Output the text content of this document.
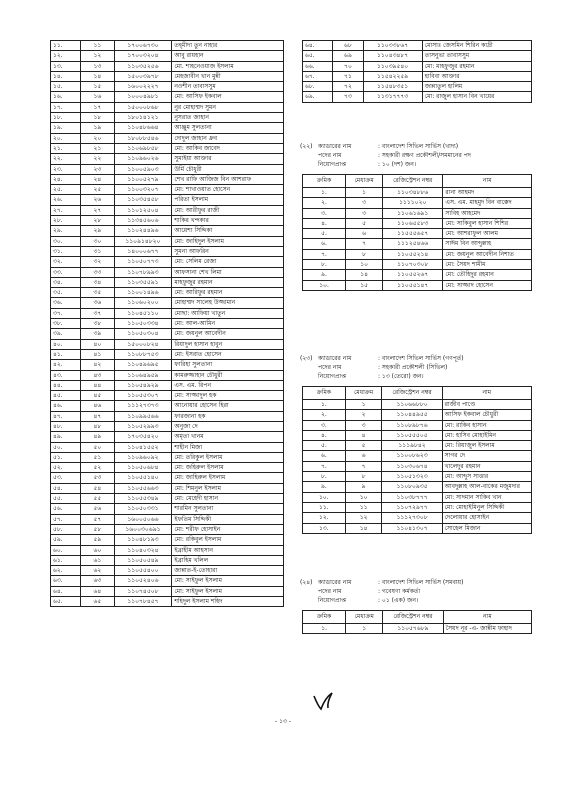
১১.	১১	১৭০০৬৭৩০	তহ্‌মীদা তুন নাহার
১২.	১২	১৭০০৩২০৪	আবু রায়হান
১৩.	১৩	১১০৩৫২৫৬	মো. শাহনেওয়াজ ইসলাম
১৪.	১৪	১৫০০৩৯৭৮	মেহজাবীন খান মুন্নী
১৫.	১৫	১৬০০২২২৭	নওশীন তাবাসসুম
১৬.	১৬	১০০০৪৯৮১	মো: আসিফ ইকবাল
১৭.	১৭	১৫০০০৮৬৮	নুর মোহাম্মদ সুমন
১৮.	১৮	১৮০১৪১২১	নুসরাত জাহান
১৯.	১৯	১১০৪৮৬৬৪	আঞ্জুম সুলতানা
২০.	২০	১৮০৮৮৫৪৬	দোদুল জাহান ধ্রুব
২১.	২১	১১০৬৯৮৫৮	মো: আকিব জাবেদ
২২.	২২	১১০৯৬০২৬	সুমাইয়া আক্তার
২৩.	২৩	১১০০৫৯০৩	উর্মি চৌধুরী
২৪.	২৪	১১০০৫২৭৯	শেখ রাফি আজিজ বিন আশরাফ
২৫.	২৫	১১০০৩২০৭	মো: শাখাওয়াত হোসেন
২৬.	২৬	১১০৩৫৪৫৮	পরিতা ইসলাম
২৭.	২৭	১১০১২৫০৪	মো: আরীফুর রাজী
২৮.	২৮	১১৩৪৫৬০৬	শাকির খন্দকার
২৯.	২৯	১১০২৪৪৯৬	আয়েশা সিদ্দিকা
৩০.	৩০	১১০৯১৪৮২০	মো: জাহিদুল ইসলাম
৩১.	৩১	১৪০০০৬৭৭	সুমনা আফরিন
৩২.	৩২	১১০৫০৭৭৩	মো: সেলিম রেজা
৩৩.	৩৩	১১০৭৮৯৯৩	আফসানা শেখ লিমা
৩৪.	৩৪	১১০৩৫৫৯১	মাহফুজুর রহমান
৩৫.	৩৫	১১০০১৪৯৬	মো: আরিফুর রহমান
৩৬.	৩৬	১১০৬০২০০	মোহাম্মদ সালেহ উজ্জামান
৩৭.	৩৭	১১০৪৫১১০	মোছা: আফিয়া খাতুন
৩৮.	৩৮	১১০৫০৩৩৪	মো: আল-আমিন
৩৯.	৩৯	১১০৫০৩০৪	মো: জয়নুল আবেদীন
৪০.	৪০	১৫০০০৮২৪	রিয়াদুল হাসান হাবুন
৪১.	৪১	১১০৮৮৭৫৩	মো: ইসরাত হোসেন
৪২.	৪২	১১০৪৯৬৯৫	ফারিহা সুলতানা
৪৩.	৪৩	১১০৬৪৯৫৯	কামরুজ্জাহান চৌধুরী
৪৪.	৪৪	১১০৫৪৯২৯	এস. এম. রিপন
৪৫.	৪৫	১১০৫৫৩০৭	মো: সাজ্জাদুল হক
৪৬.	৪৬	১১১২৭৩৭৩	আনোয়ার হোসেন হিরা
৪৭.	৪৭	১১০৯৯৫৬৬	ফারজানা হক
৪৮.	৪৮	১১০৫২৯৯৩	অনুজা দে
৪৯.	৪৯	১৭০৩৫৪২০	অমৃতা খানম
৫০.	৫০	১১০৪১৫৫২	শাহীন মিজা
৫১.	৫১	১১০৯৬০৯২	মো: তরিকুল ইসলাম
৫২.	৫২	১১০৫০৬৮৪	মো: জহিরুল ইসলাম
৫৩.	৫৩	১১০৫৫১৪০	মো: জাহিরুল ইসলাম
৫৪.	৫৪	১১০৫৫৬৬৩	মো: শিমনুল ইসলাম
৫৫.	৫৫	১১০৫৫৩৪৯	মো: মেহেদী হাসান
৫৬.	৫৬	১১০৫০৩৩১	শারমিন সুলতানা
৫৭.	৫৭	১৬০০৫০৬৬	ইফতিম সিদ্দিকী
৫৮.	৫৮	১৬০০৩০৬৯১	মো: শরীফ হোসাইন
৫৯.	৫৯	১১০৪৮১৯৩	মো: রকিবুল ইসলাম
৬০.	৬০	১১০৪০৩২৪	ইব্রাহীম আহসান
৬১.	৬১	১১০৫০৫৪৯	ইব্রাহিম খলিল
৬২.	৬২	১১০৫৫৪০০	জান্নাত-ই-তোহারা
৬৩.	৬৩	১১০৫২৪০৬	মো: সাইফুল ইসলাম
৬৪.	৬৪	১১০৭৪৫০৮	মো: সাইফুল ইসলাম
৬৫.	৬৫	১১০৭৮৪৫৭	শহিদুল ইসলাম শহিদ
৬৪.	৬৮	১১০৩৩৮৬৭	মোসাঃ জেসমিন শিরিন কাদ্রী
৬৫.	৬৯	১১০৪৩৪৮৭	তাসনুভা তাবাসসুম
৬৬.	৭০	১১০৩৯৫৪০	মো: মাহফুজুর রহমান
৬৭.	৭১	১১৫৪২২৫৯	হাবিবা আক্তার
৬৮.	৭২	১১৫৪৮৩৫১	জান্নাতুল হালিম
৬৯.	৭৩	১১৩১৭৭৭৩	মো: রাজুল হাসান বিন খায়ের
(২২) ক্যাডারের নাম	: বাংলাদেশ সিভিল সার্ভিস (খাদ্য)
পদের নাম	: সহকারী রক্ষণ প্রকৌশলী/সমমানের পদ
নিয়োগপ্রাপ্ত	: ১০ (দশ) জন।
ক্রমিক	মেধাক্রম	রেজিস্ট্রেশন নম্বর	নাম
১.	১	১১০৩৪৮৮৬	রানা আহমদ
২.	৩	১১১১০২০	এস. এম. মাহমুদ বিন বাক্কেদ
৩.	৩	১১০৬১৬৯১	সাবিহ আহমেদ
৪.	৫	১১০৬৫৫৮৩	মো: সাকিবুল হাসান শিশির
৫.	৬	১১৫৫৫৬৫৭	মো: আশরাফুল আলম
৬.	৭	১১১২৫৪৬৬	সাঈম বিন আব্দুল্লাহ
৭.	৮	১১০৫৫২১৪	মো: জয়নুল আবেদীন নিশাত
৮.	১০	১১০৭০৩০৮	মো: সৈয়দ শামীম
৯.	১৪	১১০৫৫২৬৭	মো: তৌহিদুর রহমান
১০.	১৫	১১০৫৫১৪৭	মো: সাজ্জাদ হোসেন
(২৩) ক্যাডারের নাম	: বাংলাদেশ সিভিল সার্ভিস (গণপূর্ত)
পদের নাম	: সহকারী প্রকৌশলী (সিভিল)
নিয়োগপ্রাপ্ত	: ১৩ (তেরো) জন।
ক্রমিক	মেধাক্রম	রেজিস্ট্রেশন নম্বর	নাম
১.	১	১১০৬৬৮৮০	রাজীব পাণ্ডে
২.	২	১১০৪৪৯৫৫	আসিফ ইকবাল চৌধুরী
৩.	৩	১১০৮৯৮৭৬	মো: রাকিব হাসান
৪.	৪	১১০৫৫৫০৫	মো: হাসিব মোহাইমিন
৫.	৫	১১১৯৮৪২	মো: রিয়াজুল ইসলাম
৬.	৬	১১০০৮৬২৩	সাগর দে
৭.	৭	১১০৩০৬৭৪	খালেদুর রহমান
৮.	৮	১১০৫১৩২৩	মো: আব্দুস সাত্তার
৯.	৯	১১০৮০৯৩৫	আবদুল্লাহ আল-বাকের মজুমদার
১০.	১০	১১০৩৮৭৭৭	মো: সাদমান সাকিব খান
১১.	১১	১১০৭২৯৭৭	মো: মোহাইমিনুল সিদ্দিকী
১২.	১২	১১১২৭৩০৮	দেলোয়ার হোসাইন
১৩.	১৪	১১০৪১৩০৭	সোহেল মিজান
(২৪) ক্যাডারের নাম	: বাংলাদেশ সিভিল সার্ভিস (সমবায়)
পদের নাম	: গবেষণা কর্মকর্তা
নিয়োগপ্রাপ্ত	: ০১ (এক) জন।
ক্রমিক	মেধাক্রম	রেজিস্ট্রেশন নম্বর	নাম
১.	১	১১০৫৭৬৮৯	সৈয়দ নূর -এ- জান্নীম ফাহাদ
- ১৩ -
